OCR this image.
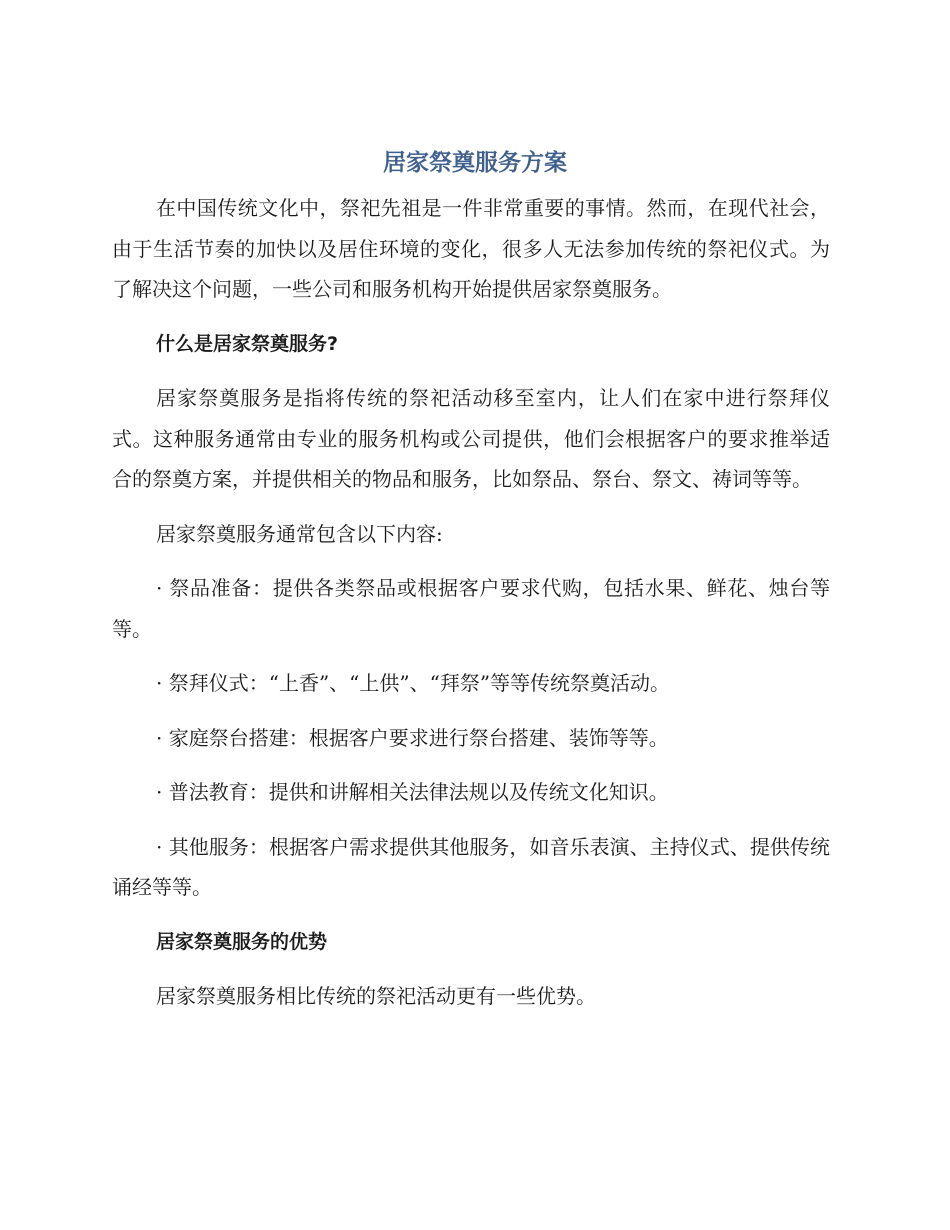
居家祭奠服务方案

在中国传统文化中，祭祀先祖是一件非常重要的事情。然而，在现代社会，由于生活节奏的加快以及居住环境的变化，很多人无法参加传统的祭祀仪式。为了解决这个问题，一些公司和服务机构开始提供居家祭奠服务。

什么是居家祭奠服务?

居家祭奠服务是指将传统的祭祀活动移至室内，让人们在家中进行祭拜仪式。这种服务通常由专业的服务机构或公司提供，他们会根据客户的要求推举适合的祭奠方案，并提供相关的物品和服务，比如祭品、祭台、祭文、祷词等等。

居家祭奠服务通常包含以下内容:

· 祭品准备：提供各类祭品或根据客户要求代购，包括水果、鲜花、烛台等等。

· 祭拜仪式：“上香”、“上供”、“拜祭”等等传统祭奠活动。

· 家庭祭台搭建：根据客户要求进行祭台搭建、装饰等等。

· 普法教育：提供和讲解相关法律法规以及传统文化知识。

· 其他服务：根据客户需求提供其他服务，如音乐表演、主持仪式、提供传统诵经等等。

居家祭奠服务的优势

居家祭奠服务相比传统的祭祀活动更有一些优势。
